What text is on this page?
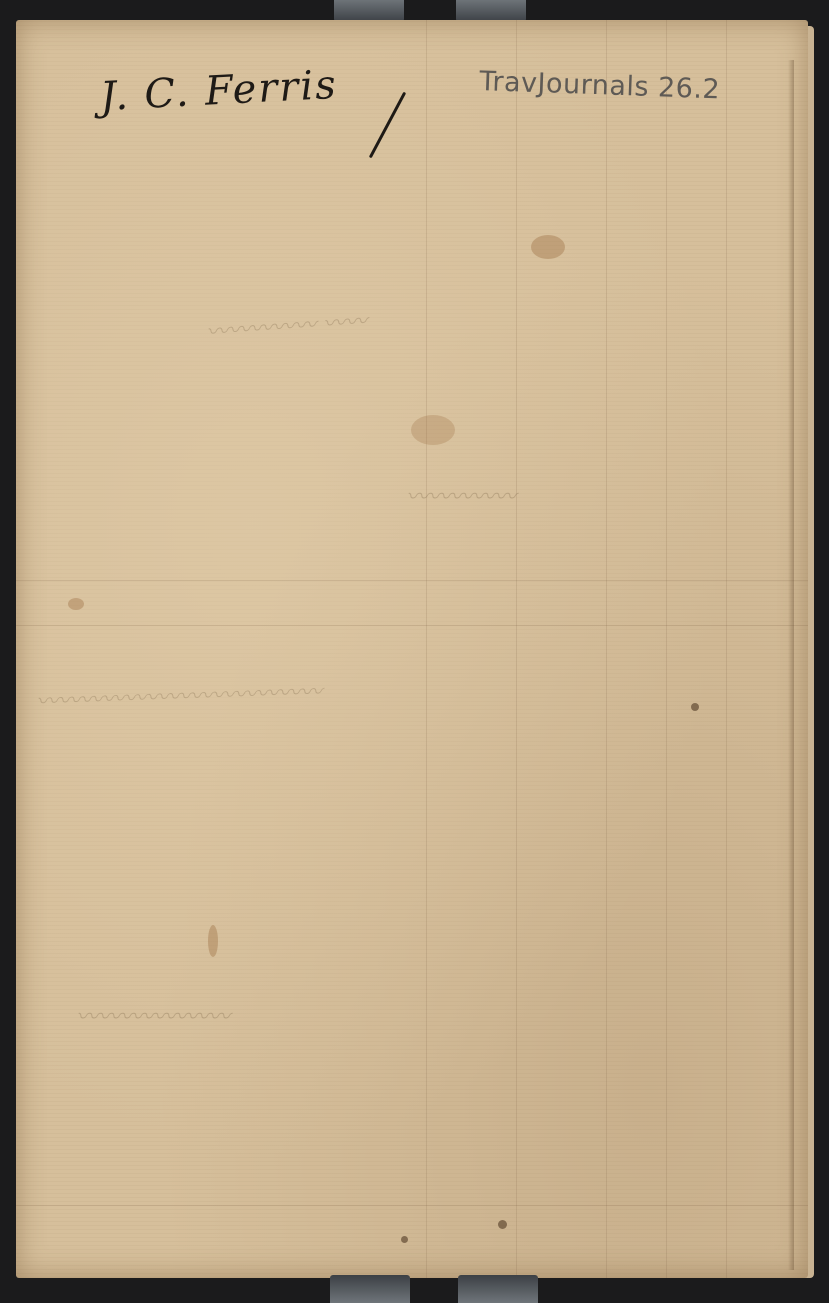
〰〰〰〰〰 〰〰
〰〰〰〰〰
〰〰〰〰〰〰〰〰〰〰〰〰〰
〰〰〰〰〰〰〰
J. C. Ferris	TravJournals 26.2
